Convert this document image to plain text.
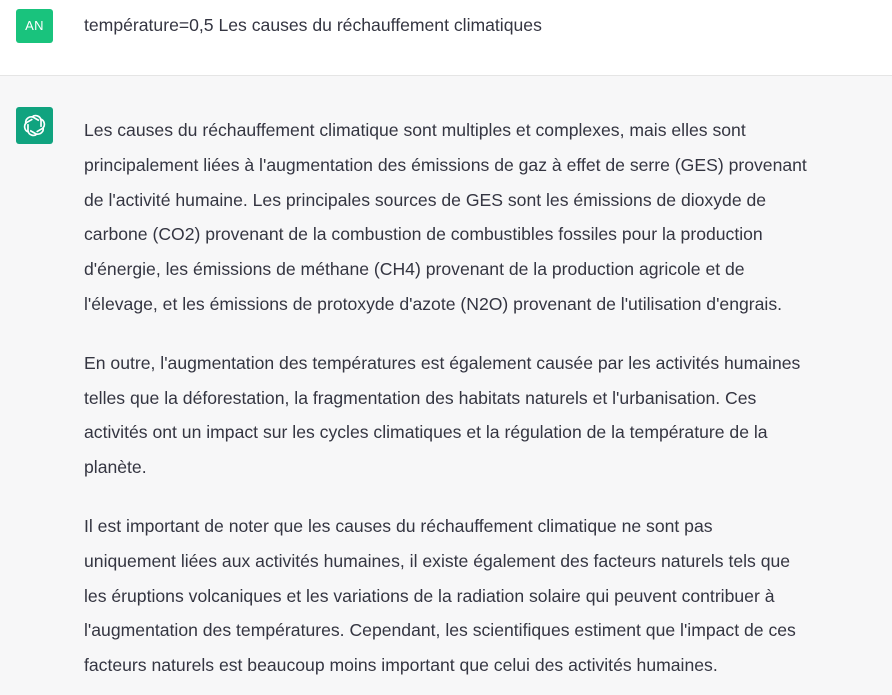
AN	température=0,5 Les causes du réchauffement climatiques

Les causes du réchauffement climatique sont multiples et complexes, mais elles sont
principalement liées à l'augmentation des émissions de gaz à effet de serre (GES) provenant
de l'activité humaine. Les principales sources de GES sont les émissions de dioxyde de
carbone (CO2) provenant de la combustion de combustibles fossiles pour la production
d'énergie, les émissions de méthane (CH4) provenant de la production agricole et de
l'élevage, et les émissions de protoxyde d'azote (N2O) provenant de l'utilisation d'engrais.

En outre, l'augmentation des températures est également causée par les activités humaines
telles que la déforestation, la fragmentation des habitats naturels et l'urbanisation. Ces
activités ont un impact sur les cycles climatiques et la régulation de la température de la
planète.

Il est important de noter que les causes du réchauffement climatique ne sont pas
uniquement liées aux activités humaines, il existe également des facteurs naturels tels que
les éruptions volcaniques et les variations de la radiation solaire qui peuvent contribuer à
l'augmentation des températures. Cependant, les scientifiques estiment que l'impact de ces
facteurs naturels est beaucoup moins important que celui des activités humaines.
